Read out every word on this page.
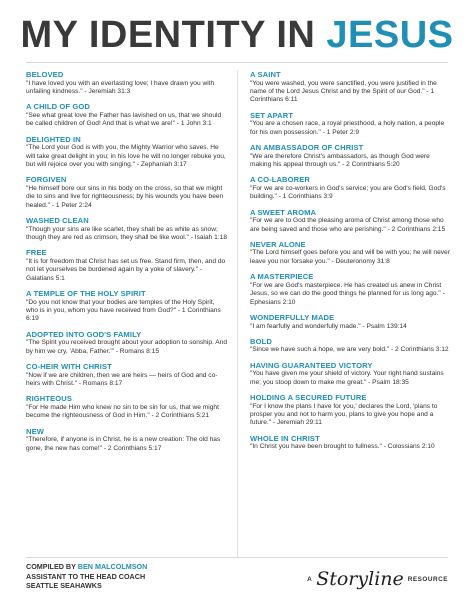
MY IDENTITY IN JESUS
BELOVED
"I have loved you with an everlasting love; I have drawn you with unfailing kindness." - Jeremiah 31:3
A CHILD OF GOD
"See what great love the Father has lavished on us, that we should be called children of God! And that is what we are!" - 1 John 3:1
DELIGHTED IN
"The Lord your God is with you, the Mighty Warrior who saves. He will take great delight in you; in his love he will no longer rebuke you, but will rejoice over you with singing." - Zephaniah 3:17
FORGIVEN
"He himself bore our sins in his body on the cross, so that we might die to sins and live for righteousness; by his wounds you have been healed." - 1 Peter 2:24
WASHED CLEAN
"Though your sins are like scarlet, they shall be as white as snow; though they are red as crimson, they shall be like wool." - Isaiah 1:18
FREE
"It is for freedom that Christ has set us free. Stand firm, then, and do not let yourselves be burdened again by a yoke of slavery." - Galatians 5:1
A TEMPLE OF THE HOLY SPIRIT
"Do you not know that your bodies are temples of the Holy Spirit, who is in you, whom you have received from God?" - 1 Corinthians 6:19
ADOPTED INTO GOD'S FAMILY
"The Spirit you received brought about your adoption to sonship. And by him we cry, 'Abba, Father.'" - Romans 8:15
CO-HEIR WITH CHRIST
"Now if we are children, then we are heirs — heirs of God and co-heirs with Christ." - Romans 8:17
RIGHTEOUS
"For He made Him who knew no sin to be sin for us, that we might become the righteousness of God in Him." - 2 Corinthians 5:21
NEW
"Therefore, if anyone is in Christ, he is a new creation: The old has gone, the new has come!" - 2 Corinthians 5:17
A SAINT
"You were washed, you were sanctified, you were justified in the name of the Lord Jesus Christ and by the Spirit of our God." - 1 Corinthians 6:11
SET APART
"You are a chosen race, a royal priesthood, a holy nation, a people for his own possession." - 1 Peter 2:9
AN AMBASSADOR OF CHRIST
"We are therefore Christ's ambassadors, as though God were making his appeal through us." - 2 Corinthians 5:20
A CO-LABORER
"For we are co-workers in God's service; you are God's field, God's building." - 1 Corinthians 3:9
A SWEET AROMA
"For we are to God the pleasing aroma of Christ among those who are being saved and those who are perishing." - 2 Corinthians 2:15
NEVER ALONE
"The Lord himself goes before you and will be with you; he will never leave you nor forsake you." - Deuteronomy 31:8
A MASTERPIECE
"For we are God's masterpiece. He has created us anew in Christ Jesus, so we can do the good things he planned for us long ago." - Ephesians 2:10
WONDERFULLY MADE
"I am fearfully and wonderfully made." - Psalm 139:14
BOLD
"Since we have such a hope, we are very bold." - 2 Corinthians 3:12
HAVING GUARANTEED VICTORY
"You have given me your shield of victory. Your right hand sustains me; you stoop down to make me great." - Psalm 18:35
HOLDING A SECURED FUTURE
"For I know the plans I have for you,' declares the Lord, 'plans to prosper you and not to harm you, plans to give you hope and a future." - Jeremiah 29:11
WHOLE IN CHRIST
"In Christ you have been brought to fullness." - Colossians 2:10
COMPILED BY BEN MALCOLMSON
ASSISTANT TO THE HEAD COACH
SEATTLE SEAHAWKS
A Storyline RESOURCE
